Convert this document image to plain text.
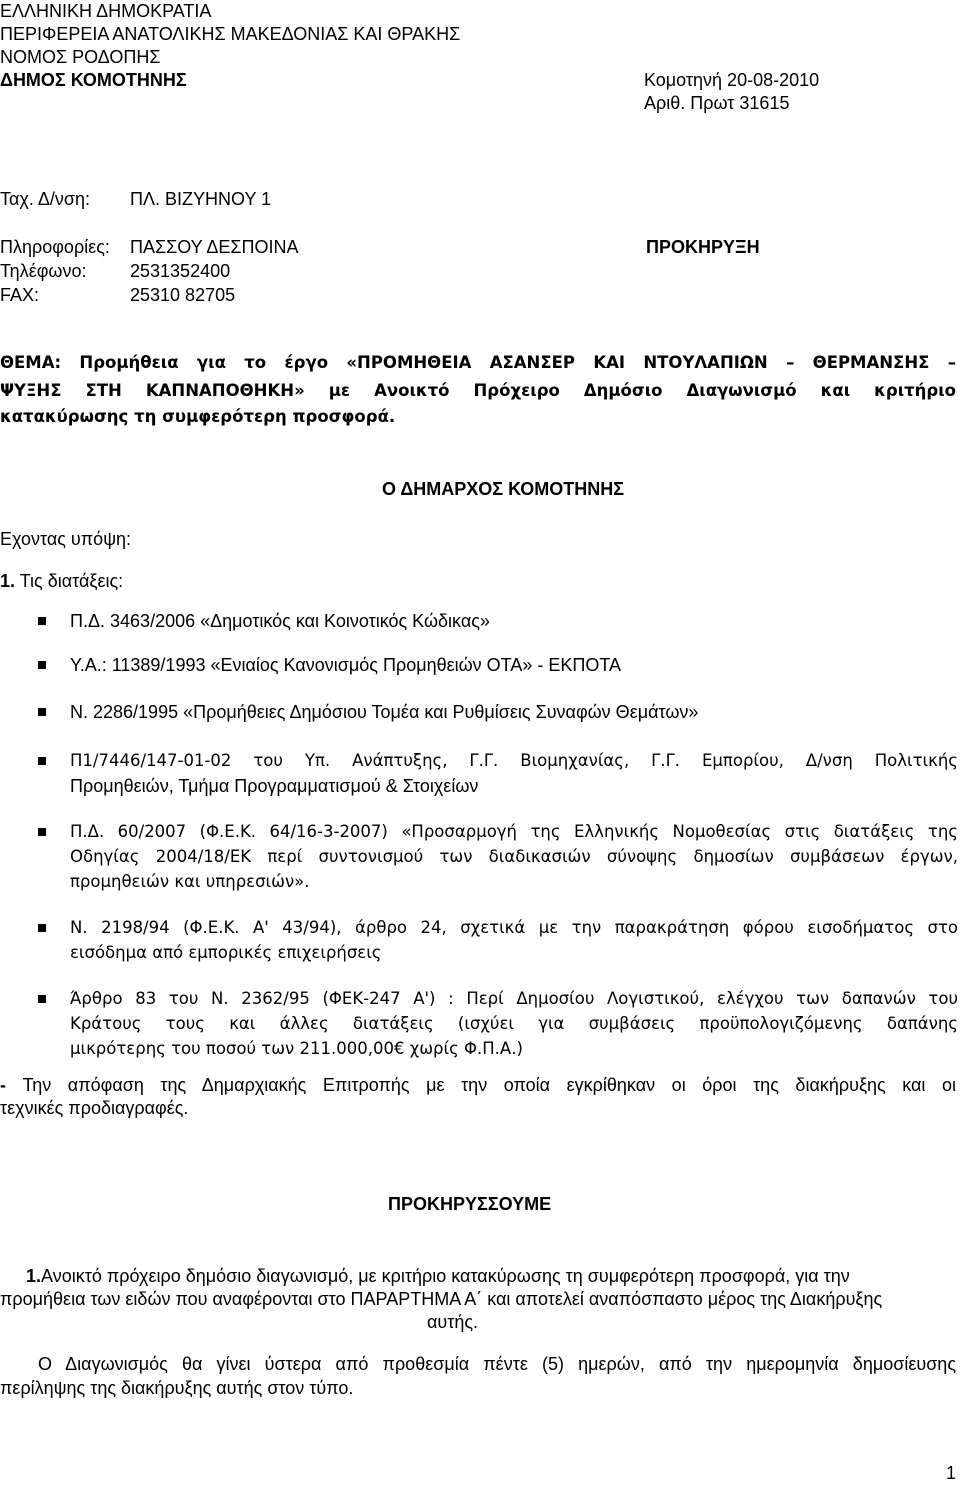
ΕΛΛΗΝΙΚΗ ΔΗΜΟΚΡΑΤΙΑ
ΠΕΡΙΦΕΡΕΙΑ ΑΝΑΤΟΛΙΚΗΣ ΜΑΚΕΔΟΝΙΑΣ ΚΑΙ ΘΡΑΚΗΣ
ΝΟΜΟΣ ΡΟΔΟΠΗΣ
ΔΗΜΟΣ ΚΟΜΟΤΗΝΗΣ	Κομοτηνή 20-08-2010
Αριθ. Πρωτ 31615
Ταχ. Δ/νση: ΠΛ. ΒΙΖΥΗΝΟΥ 1
Πληροφορίες: ΠΑΣΣΟΥ ΔΕΣΠΟΙΝΑ	ΠΡΟΚΗΡΥΞΗ
Τηλέφωνο: 2531352400
FAX:	25310 82705
ΘΕΜΑ: Προμήθεια για το έργο «ΠΡΟΜΗΘΕΙΑ ΑΣΑΝΣΕΡ ΚΑΙ ΝΤΟΥΛΑΠΙΩΝ – ΘΕΡΜΑΝΣΗΣ –
ΨΥΞΗΣ ΣΤΗ ΚΑΠΝΑΠΟΘΗΚΗ» με Ανοικτό Πρόχειρο Δημόσιο Διαγωνισμό και κριτήριο
κατακύρωσης τη συμφερότερη προσφορά.
Ο ΔΗΜΑΡΧΟΣ ΚΟΜΟΤΗΝΗΣ
Εχοντας υπόψη:
1. Τις διατάξεις:
Π.Δ. 3463/2006 «Δημοτικός και Κοινοτικός Κώδικας»
Υ.Α.: 11389/1993 «Ενιαίος Κανονισμός Προμηθειών ΟΤΑ» - ΕΚΠΟΤΑ
Ν. 2286/1995 «Προμήθειες Δημόσιου Τομέα και Ρυθμίσεις Συναφών Θεμάτων»
Π1/7446/147-01-02 του Υπ. Ανάπτυξης, Γ.Γ. Βιομηχανίας, Γ.Γ. Εμπορίου, Δ/νση Πολιτικής
Προμηθειών, Τμήμα Προγραμματισμού & Στοιχείων
Π.Δ. 60/2007 (Φ.Ε.Κ. 64/16-3-2007) «Προσαρμογή της Ελληνικής Νομοθεσίας στις διατάξεις της
Οδηγίας 2004/18/ΕΚ περί συντονισμού των διαδικασιών σύνοψης δημοσίων συμβάσεων έργων,
προμηθειών και υπηρεσιών».
Ν. 2198/94 (Φ.Ε.Κ. Α' 43/94), άρθρο 24, σχετικά με την παρακράτηση φόρου εισοδήματος στο
εισόδημα από εμπορικές επιχειρήσεις
Άρθρο 83 του Ν. 2362/95 (ΦΕΚ-247 Α') : Περί Δημοσίου Λογιστικού, ελέγχου των δαπανών του
Κράτους τους και άλλες διατάξεις (ισχύει για συμβάσεις προϋπολογιζόμενης δαπάνης
μικρότερης του ποσού των 211.000,00€ χωρίς Φ.Π.Α.)
- Την απόφαση της Δημαρχιακής Επιτροπής με την οποία εγκρίθηκαν οι όροι της διακήρυξης και οι
τεχνικές προδιαγραφές.
ΠΡΟΚΗΡΥΣΣΟΥΜΕ
1.Ανοικτό πρόχειρο δημόσιο διαγωνισμό, με κριτήριο κατακύρωσης τη συμφερότερη προσφορά, για την
προμήθεια των ειδών που αναφέρονται στο ΠΑΡΑΡΤΗΜΑ Α΄ και αποτελεί αναπόσπαστο μέρος της Διακήρυξης
αυτής.
Ο Διαγωνισμός θα γίνει ύστερα από προθεσμία πέντε (5) ημερών, από την ημερομηνία δημοσίευσης
περίληψης της διακήρυξης αυτής στον τύπο.
1
